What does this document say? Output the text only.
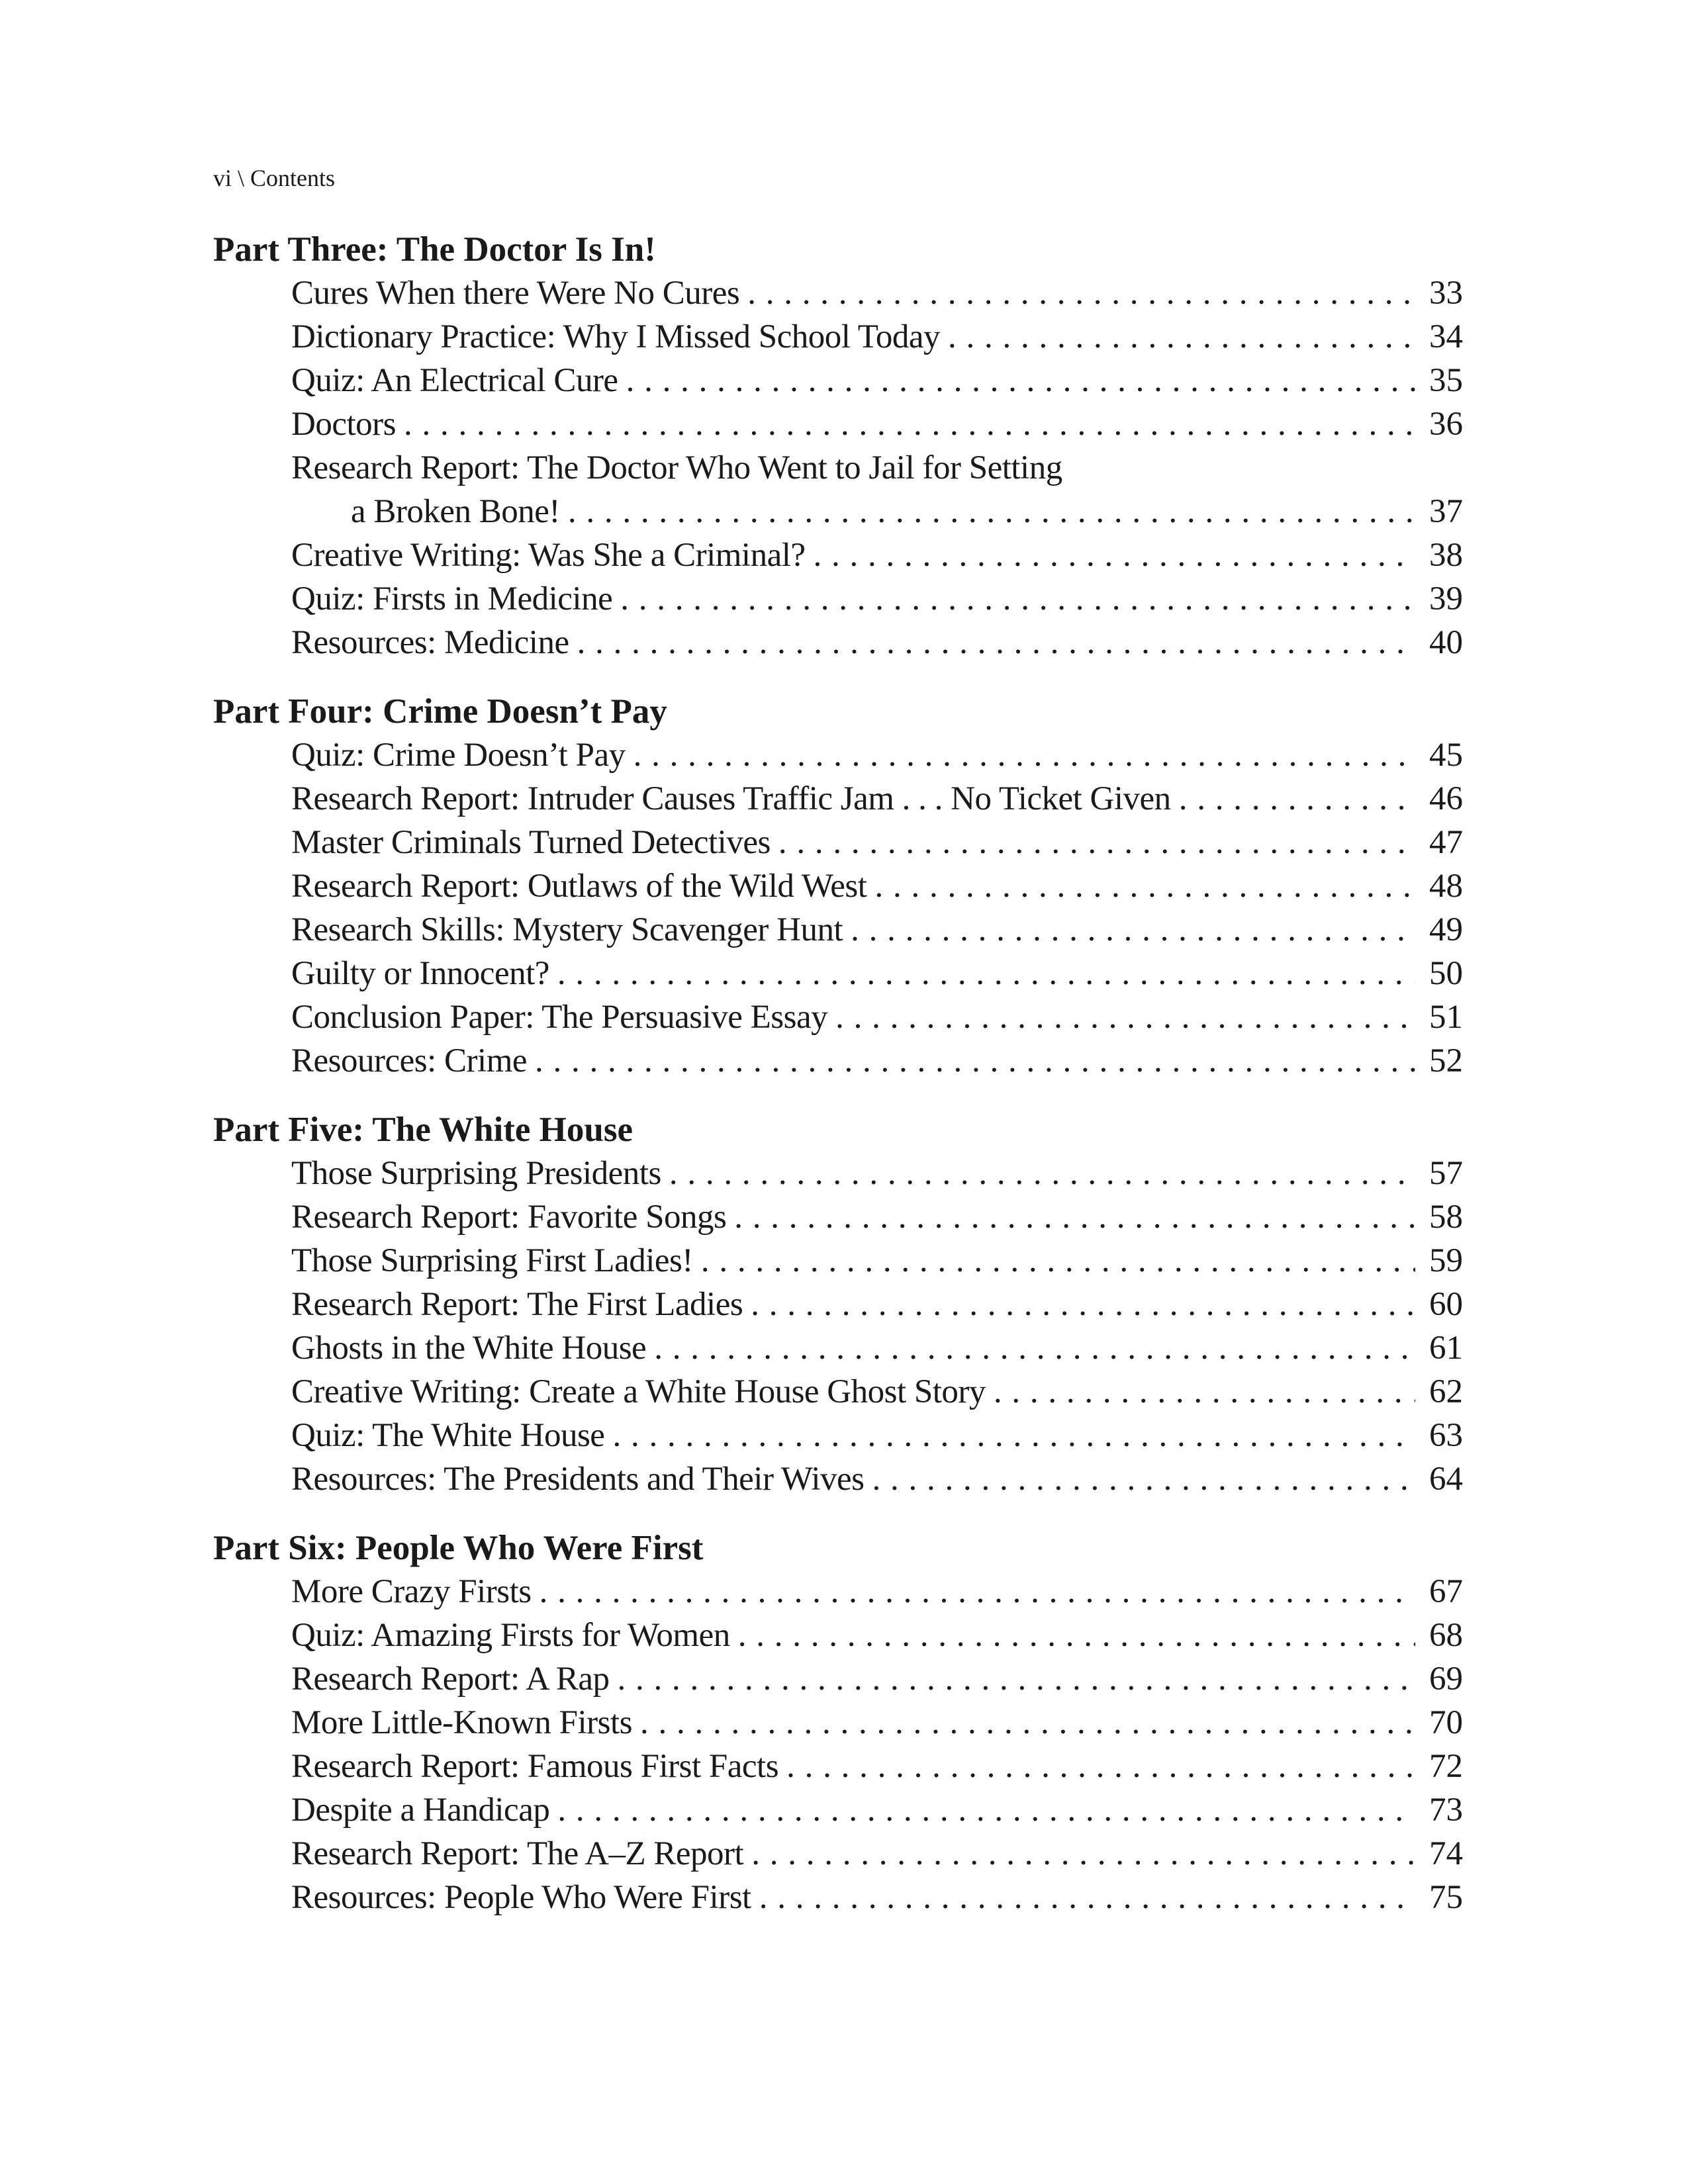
vi \ Contents
Part Three: The Doctor Is In!
Cures When there Were No Cures . . .	33
Dictionary Practice: Why I Missed School Today . . .	34
Quiz: An Electrical Cure . . .	35
Doctors . . .	36
Research Report: The Doctor Who Went to Jail for Setting
a Broken Bone! . . .	37
Creative Writing: Was She a Criminal? . . .	38
Quiz: Firsts in Medicine . . .	39
Resources: Medicine . . .	40
Part Four: Crime Doesn’t Pay
Quiz: Crime Doesn’t Pay . . .	45
Research Report: Intruder Causes Traffic Jam . . . No Ticket Given . . .	46
Master Criminals Turned Detectives . . .	47
Research Report: Outlaws of the Wild West . . .	48
Research Skills: Mystery Scavenger Hunt . . .	49
Guilty or Innocent? . . .	50
Conclusion Paper: The Persuasive Essay . . .	51
Resources: Crime . . .	52
Part Five: The White House
Those Surprising Presidents . . .	57
Research Report: Favorite Songs . . .	58
Those Surprising First Ladies! . . .	59
Research Report: The First Ladies . . .	60
Ghosts in the White House . . .	61
Creative Writing: Create a White House Ghost Story . . .	62
Quiz: The White House . . .	63
Resources: The Presidents and Their Wives . . .	64
Part Six: People Who Were First
More Crazy Firsts . . .	67
Quiz: Amazing Firsts for Women . . .	68
Research Report: A Rap . . .	69
More Little-Known Firsts . . .	70
Research Report: Famous First Facts . . .	72
Despite a Handicap . . .	73
Research Report: The A–Z Report . . .	74
Resources: People Who Were First . . .	75
